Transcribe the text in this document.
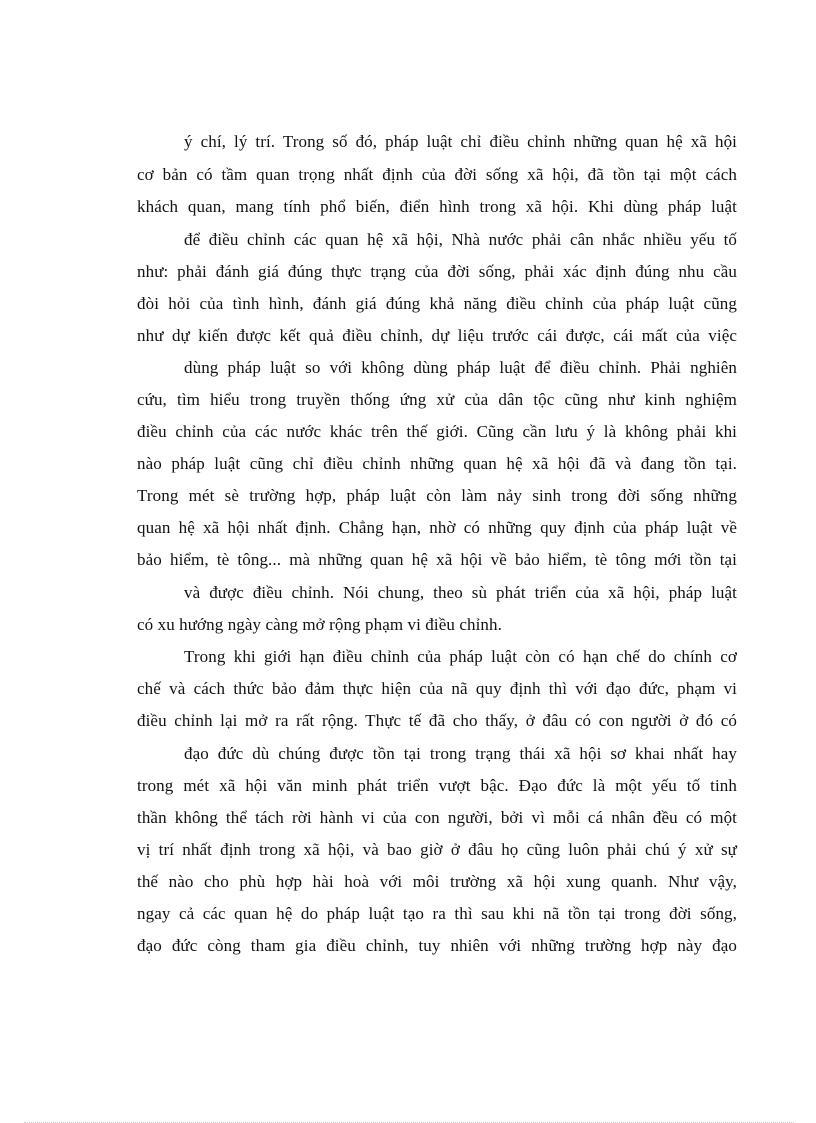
ý chí, lý trí. Trong số đó, pháp luật chỉ điều chỉnh những quan hệ xã hội
cơ bản có tầm quan trọng nhất định của đời sống xã hội, đã tồn tại một cách
khách quan, mang tính phổ biến, điển hình trong xã hội. Khi dùng pháp luật
để điều chỉnh các quan hệ xã hội, Nhà nước phải cân nhắc nhiều yếu tố
như: phải đánh giá đúng thực trạng của đời sống, phải xác định đúng nhu cầu
đòi hỏi của tình hình, đánh giá đúng khả năng điều chỉnh của pháp luật cũng
như dự kiến được kết quả điều chỉnh, dự liệu trước cái được, cái mất của việc
dùng pháp luật so với không dùng pháp luật để điều chỉnh. Phải nghiên
cứu, tìm hiểu trong truyền thống ứng xử của dân tộc cũng như kinh nghiệm
điều chỉnh của các nước khác trên thế giới. Cũng cần lưu ý là không phải khi
nào pháp luật cũng chỉ điều chỉnh những quan hệ xã hội đã và đang tồn tại.
Trong mét sè trường hợp, pháp luật còn làm nảy sinh trong đời sống những
quan hệ xã hội nhất định. Chẳng hạn, nhờ có những quy định của pháp luật về
bảo hiểm, tè tông... mà những quan hệ xã hội về bảo hiểm, tè tông mới tồn tại
và được điều chỉnh. Nói chung, theo sù phát triển của xã hội, pháp luật
có xu hướng ngày càng mở rộng phạm vi điều chỉnh.
Trong khi giới hạn điều chỉnh của pháp luật còn có hạn chế do chính cơ
chế và cách thức bảo đảm thực hiện của nã quy định thì với đạo đức, phạm vi
điều chỉnh lại mở ra rất rộng. Thực tế đã cho thấy, ở đâu có con người ở đó có
đạo đức dù chúng được tồn tại trong trạng thái xã hội sơ khai nhất hay
trong mét xã hội văn minh phát triển vượt bậc. Đạo đức là một yếu tố tinh
thần không thể tách rời hành vi của con người, bởi vì mỗi cá nhân đều có một
vị trí nhất định trong xã hội, và bao giờ ở đâu họ cũng luôn phải chú ý xử sự
thế nào cho phù hợp hài hoà với môi trường xã hội xung quanh. Như vậy,
ngay cả các quan hệ do pháp luật tạo ra thì sau khi nã tồn tại trong đời sống,
đạo đức còng tham gia điều chỉnh, tuy nhiên với những trường hợp này đạo
